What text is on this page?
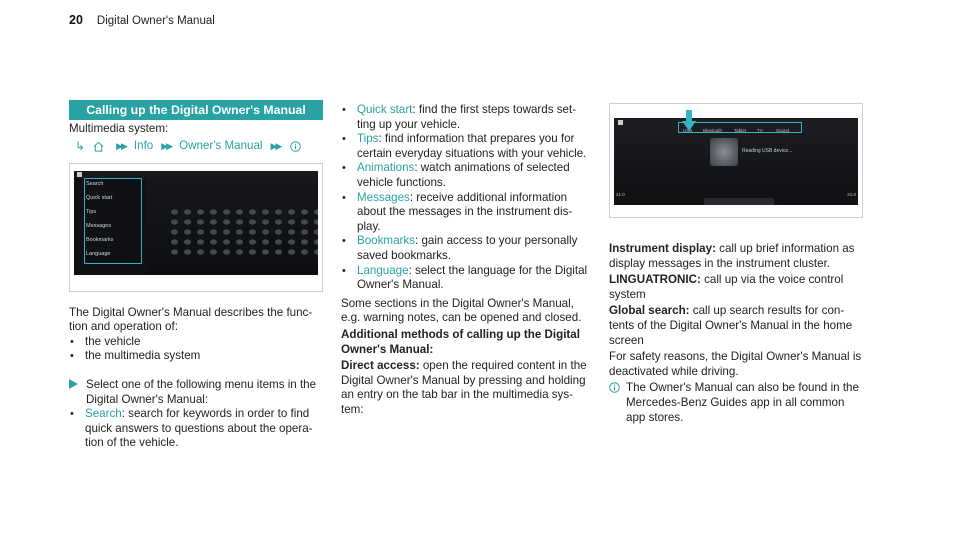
20 Digital Owner's Manual
Calling up the Digital Owner's Manual

Multimedia system:

↳	▶▶ Info ▶▶ Owner's Manual ▶▶
Search
Quick start
Tips
Messages
Bookmarks
Language

The Digital Owner's Manual describes the func-

tion and operation of:

• the vehicle
• the multimedia system

Select one of the following menu items in the

Digital Owner's Manual:

• Search: search for keywords in order to find

quick answers to questions about the opera-

tion of the vehicle.

• Quick start: find the first steps towards set-

ting up your vehicle.

• Tips: find information that prepares you for

certain everyday situations with your vehicle.

• Animations: watch animations of selected

vehicle functions.

• Messages: receive additional information

about the messages in the instrument dis-

play.

• Bookmarks: gain access to your personally

saved bookmarks.

• Language: select the language for the Digital

Owner's Manual.

Some sections in the Digital Owner's Manual,

e.g. warning notes, can be opened and closed.

Additional methods of calling up the Digital

Owner's Manual:

Direct access: open the required content in the

Digital Owner's Manual by pressing and holding

an entry on the tab bar in the multimedia sys-

tem:

USB Bluetooth	Tablet TV	Sound
Reading USB device...
21.0	21.0

Instrument display: call up brief information as

display messages in the instrument cluster.

LINGUATRONIC: call up via the voice control

system

Global search: call up search results for con-

tents of the Digital Owner's Manual in the home

screen

For safety reasons, the Digital Owner's Manual is

deactivated while driving.

The Owner's Manual can also be found in the

Mercedes-Benz Guides app in all common

app stores.
